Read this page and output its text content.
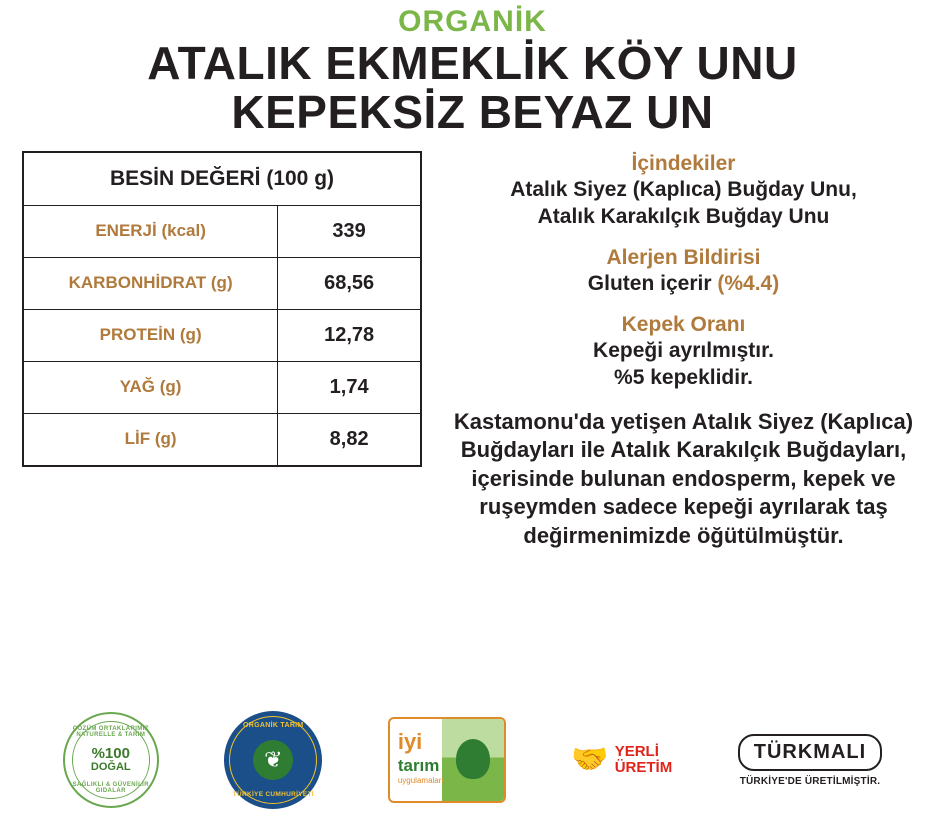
ORGANİK
ATALIK EKMEKLİK KÖY UNU
KEPEKSİZ BEYAZ UN
BESİN DEĞERİ (100 g)	
ENERJİ (kcal)	339
KARBONHİDRAT (g)	68,56
PROTEİN (g)	12,78
YAĞ (g)	1,74
LİF (g)	8,82
İçindekiler
Atalık Siyez (Kaplıca) Buğday Unu,
Atalık Karakılçık Buğday Unu
Alerjen Bildirisi
Gluten içerir (%4.4)
Kepek Oranı
Kepeği ayrılmıştır.
%5 kepeklidir.
Kastamonu'da yetişen Atalık Siyez (Kaplıca) Buğdayları ile Atalık Karakılçık Buğdayları, içerisinde bulunan endosperm, kepek ve ruşeymden sadece kepeği ayrılarak taş değirmenimizde öğütülmüştür.
ÇÖZÜM ORTAKLARIMIZ NATURELLE & TARIM
%100
DOĞAL
SAĞLIKLI & GÜVENİLİR GIDALAR
ORGANİK TARIM
❦
TÜRKİYE CUMHURİYETİ
iyi
tarım
uygulamaları
🤝 YERLİ
ÜRETİM
TÜRKMALI
TÜRKİYE'DE ÜRETİLMİŞTİR.
